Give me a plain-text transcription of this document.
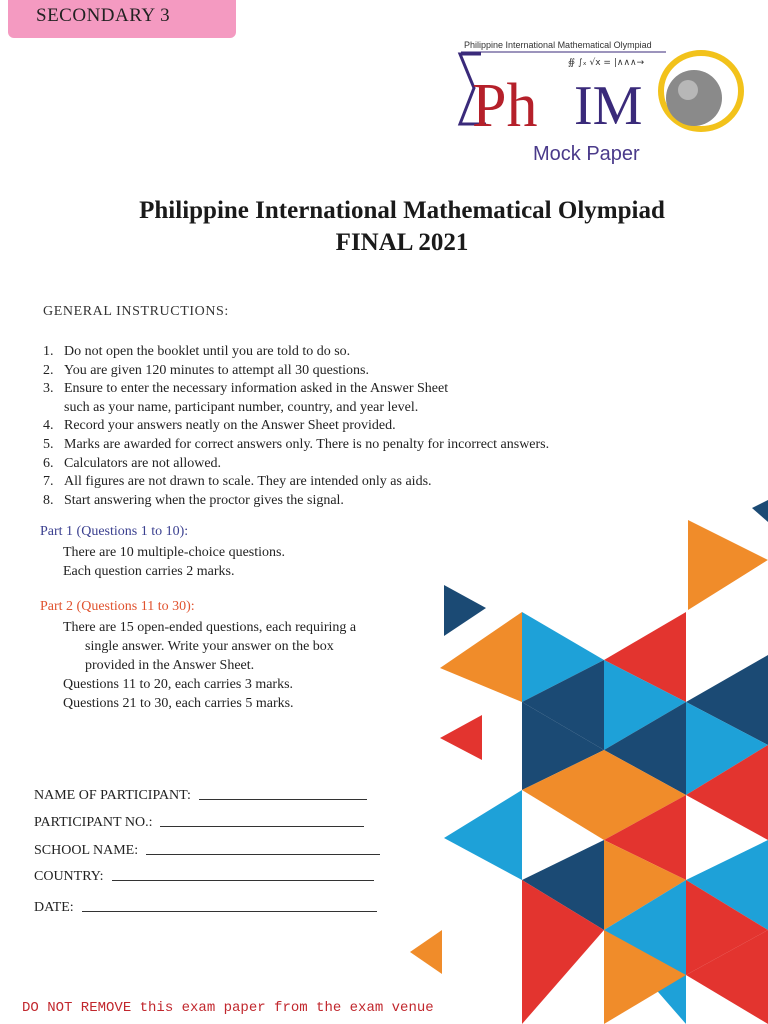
SECONDARY 3
Philippine International Mathematical Olympiad
∯ ∫ₓ √x = |∧∧∧→
Ph IM
Mock Paper
Philippine International Mathematical Olympiad
FINAL 2021
GENERAL INSTRUCTIONS:
1. Do not open the booklet until you are told to do so.
2. You are given 120 minutes to attempt all 30 questions.
3. Ensure to enter the necessary information asked in the Answer Sheet
such as your name, participant number, country, and year level.
4. Record your answers neatly on the Answer Sheet provided.
5. Marks are awarded for correct answers only. There is no penalty for incorrect answers.
6. Calculators are not allowed.
7. All figures are not drawn to scale. They are intended only as aids.
8. Start answering when the proctor gives the signal.
Part 1 (Questions 1 to 10):
There are 10 multiple-choice questions.
Each question carries 2 marks.
Part 2 (Questions 11 to 30):
There are 15 open-ended questions, each requiring a
single answer. Write your answer on the box
provided in the Answer Sheet.
Questions 11 to 20, each carries 3 marks.
Questions 21 to 30, each carries 5 marks.
NAME OF PARTICIPANT:
PARTICIPANT NO.:
SCHOOL NAME:
COUNTRY:
DATE:
DO NOT REMOVE this exam paper from the exam venue
